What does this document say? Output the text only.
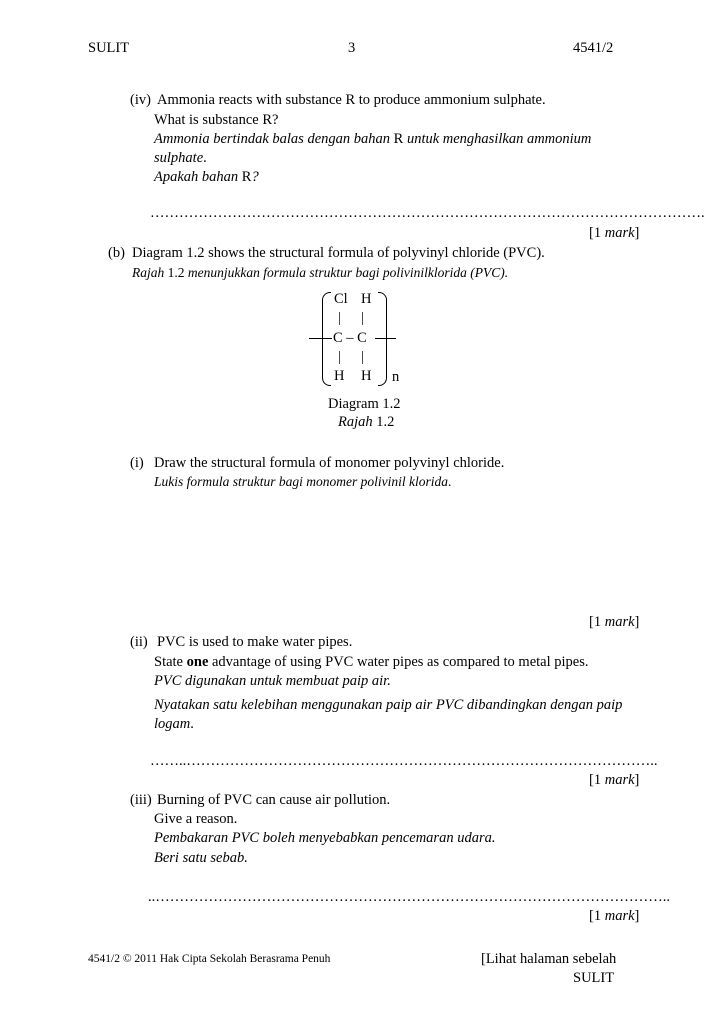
SULIT	3	4541/2
(iv) Ammonia reacts with substance R to produce ammonium sulphate.
What is substance R?
Ammonia bertindak balas dengan bahan R untuk menghasilkan ammonium
sulphate.
Apakah bahan R?
…………………………………………………………………………………………………….
[1 mark]
(b) Diagram 1.2 shows the structural formula of polyvinyl chloride (PVC).
Rajah 1.2 menunjukkan formula struktur bagi polivinilklorida (PVC).
Cl H
| |
C – C
| |
H H n
Diagram 1.2
Rajah 1.2
(i) Draw the structural formula of monomer polyvinyl chloride.
Lukis formula struktur bagi monomer polivinil klorida.
[1 mark]
(ii) PVC is used to make water pipes.
State one advantage of using PVC water pipes as compared to metal pipes.
PVC digunakan untuk membuat paip air.
Nyatakan satu kelebihan menggunakan paip air PVC dibandingkan dengan paip
logam.
……..……………………………………………………………………………………..
[1 mark]
(iii) Burning of PVC can cause air pollution.
Give a reason.
Pembakaran PVC boleh menyebabkan pencemaran udara.
Beri satu sebab.
..……………………………………………………………………………………………..
[1 mark]
4541/2 © 2011 Hak Cipta Sekolah Berasrama Penuh	[Lihat halaman sebelah
SULIT
